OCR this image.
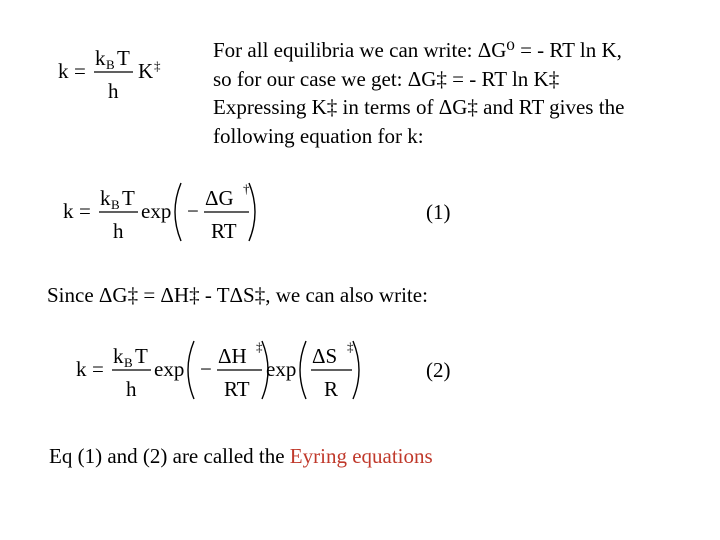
k =
k B T
h
K ‡
For all equilibria we can write: ΔG⁰ = - RT ln K,
so for our case we get: ΔG‡ = - RT ln K‡
Expressing K‡ in terms of ΔG‡ and RT gives the
following equation for k:
k =
k B T
h
exp −
ΔG †
RT
(1)
Since ΔG‡ = ΔH‡ - TΔS‡, we can also write:
k =
k B T
h
exp −
ΔH ‡
RT
exp
ΔS ‡
R
(2)
Eq (1) and (2) are called the Eyring equations
